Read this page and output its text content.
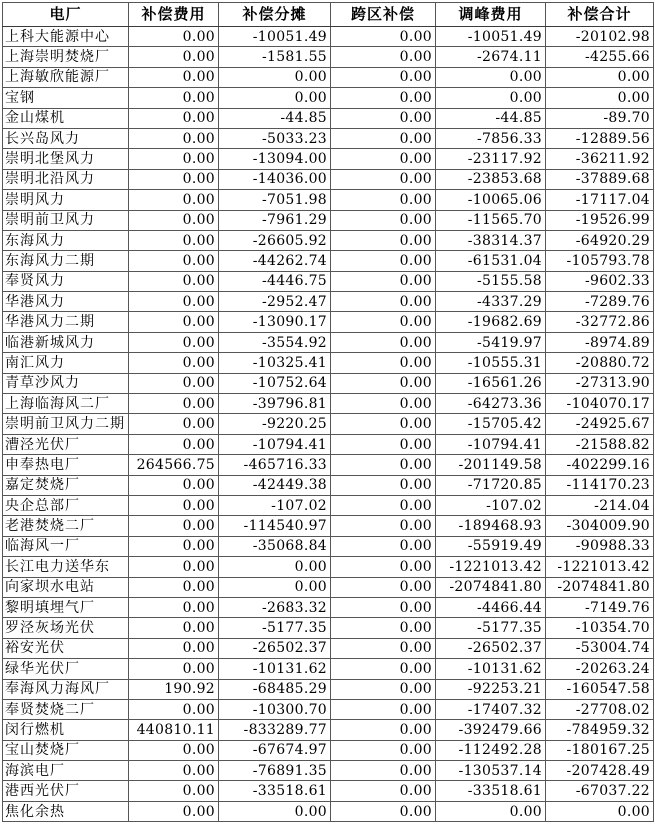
电厂	补偿费用	补偿分摊	跨区补偿	调峰费用	补偿合计
上科大能源中心	0.00	-10051.49	0.00	-10051.49	-20102.98
上海崇明焚烧厂	0.00	-1581.55	0.00	-2674.11	-4255.66
上海敏欣能源厂	0.00	0.00	0.00	0.00	0.00
宝钢	0.00	0.00	0.00	0.00	0.00
金山煤机	0.00	-44.85	0.00	-44.85	-89.70
长兴岛风力	0.00	-5033.23	0.00	-7856.33	-12889.56
崇明北堡风力	0.00	-13094.00	0.00	-23117.92	-36211.92
崇明北沿风力	0.00	-14036.00	0.00	-23853.68	-37889.68
崇明风力	0.00	-7051.98	0.00	-10065.06	-17117.04
崇明前卫风力	0.00	-7961.29	0.00	-11565.70	-19526.99
东海风力	0.00	-26605.92	0.00	-38314.37	-64920.29
东海风力二期	0.00	-44262.74	0.00	-61531.04	-105793.78
奉贤风力	0.00	-4446.75	0.00	-5155.58	-9602.33
华港风力	0.00	-2952.47	0.00	-4337.29	-7289.76
华港风力二期	0.00	-13090.17	0.00	-19682.69	-32772.86
临港新城风力	0.00	-3554.92	0.00	-5419.97	-8974.89
南汇风力	0.00	-10325.41	0.00	-10555.31	-20880.72
青草沙风力	0.00	-10752.64	0.00	-16561.26	-27313.90
上海临海风二厂	0.00	-39796.81	0.00	-64273.36	-104070.17
崇明前卫风力二期	0.00	-9220.25	0.00	-15705.42	-24925.67
漕泾光伏厂	0.00	-10794.41	0.00	-10794.41	-21588.82
申奉热电厂	264566.75	-465716.33	0.00	-201149.58	-402299.16
嘉定焚烧厂	0.00	-42449.38	0.00	-71720.85	-114170.23
央企总部厂	0.00	-107.02	0.00	-107.02	-214.04
老港焚烧二厂	0.00	-114540.97	0.00	-189468.93	-304009.90
临海风一厂	0.00	-35068.84	0.00	-55919.49	-90988.33
长江电力送华东	0.00	0.00	0.00	-1221013.42	-1221013.42
向家坝水电站	0.00	0.00	0.00	-2074841.80	-2074841.80
黎明填埋气厂	0.00	-2683.32	0.00	-4466.44	-7149.76
罗泾灰场光伏	0.00	-5177.35	0.00	-5177.35	-10354.70
裕安光伏	0.00	-26502.37	0.00	-26502.37	-53004.74
绿华光伏厂	0.00	-10131.62	0.00	-10131.62	-20263.24
奉海风力海风厂	190.92	-68485.29	0.00	-92253.21	-160547.58
奉贤焚烧二厂	0.00	-10300.70	0.00	-17407.32	-27708.02
闵行燃机	440810.11	-833289.77	0.00	-392479.66	-784959.32
宝山焚烧厂	0.00	-67674.97	0.00	-112492.28	-180167.25
海滨电厂	0.00	-76891.35	0.00	-130537.14	-207428.49
港西光伏厂	0.00	-33518.61	0.00	-33518.61	-67037.22
焦化余热	0.00	0.00	0.00	0.00	0.00
